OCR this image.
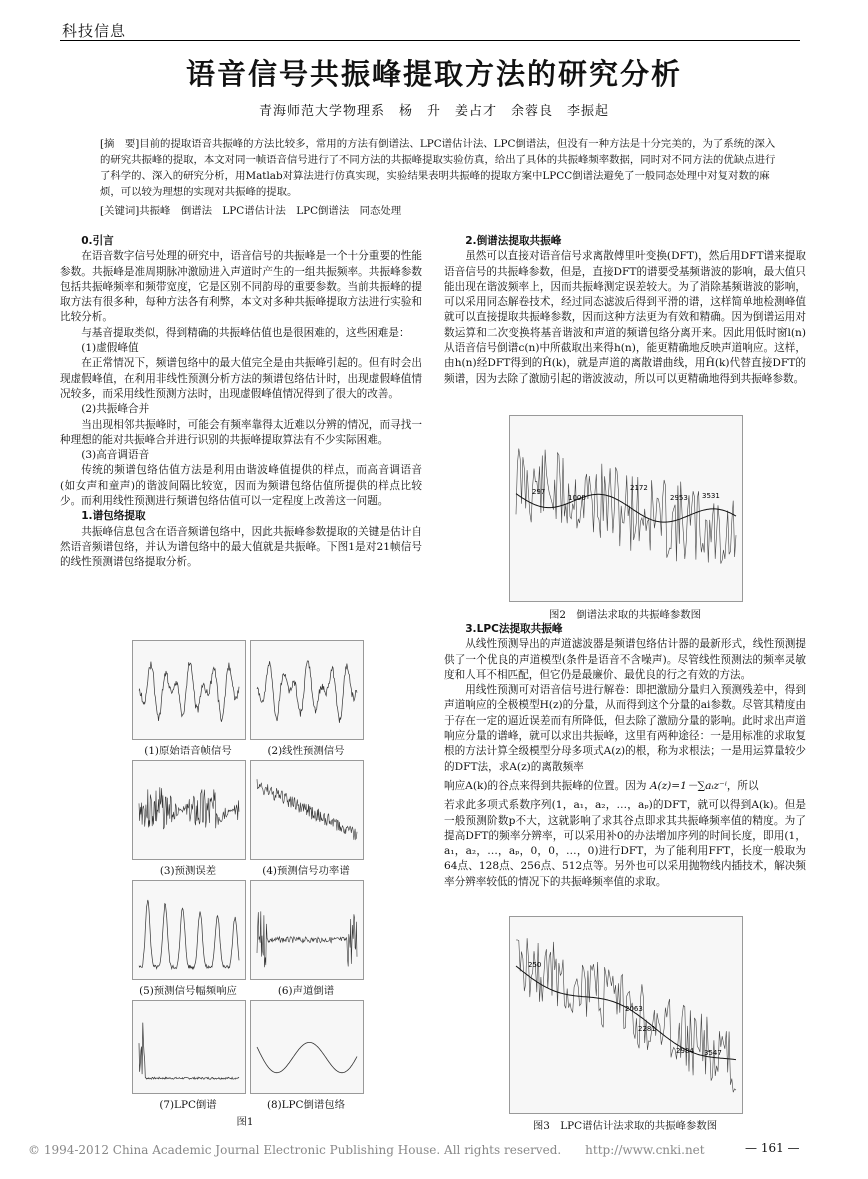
科技信息
语音信号共振峰提取方法的研究分析
青海师范大学物理系　杨　升　姜占才　余蓉良　李振起
[摘　要]目前的提取语音共振峰的方法比较多，常用的方法有倒谱法、LPC谱估计法、LPC倒谱法，但没有一种方法是十分完美的，为了系统的深入的研究共振峰的提取，本文对同一帧语音信号进行了不同方法的共振峰提取实验仿真，给出了具体的共振峰频率数据，同时对不同方法的优缺点进行了科学的、深入的研究分析，用Matlab对算法进行仿真实现，实验结果表明共振峰的提取方案中LPCC倒谱法避免了一般同态处理中对复对数的麻烦，可以较为理想的实现对共振峰的提取。
[关键词]共振峰　倒谱法　LPC谱估计法　LPC倒谱法　同态处理

0.引言

在语音数字信号处理的研究中，语音信号的共振峰是一个十分重要的性能参数。共振峰是准周期脉冲激励进入声道时产生的一组共振频率。共振峰参数包括共振峰频率和频带宽度，它是区别不同韵母的重要参数。当前共振峰的提取方法有很多种，每种方法各有利弊，本文对多种共振峰提取方法进行实验和比较分析。

与基音提取类似，得到精确的共振峰估值也是很困难的，这些困难是：

(1)虚假峰值

在正常情况下，频谱包络中的最大值完全是由共振峰引起的。但有时会出现虚假峰值，在利用非线性预测分析方法的频谱包络估计时，出现虚假峰值情况较多，而采用线性预测方法时，出现虚假峰值情况得到了很大的改善。

(2)共振峰合并

当出现相邻共振峰时，可能会有频率靠得太近难以分辨的情况，而寻找一种理想的能对共振峰合并进行识别的共振峰提取算法有不少实际困难。

(3)高音调语音

传统的频谱包络估值方法是利用由谐波峰值提供的样点，而高音调语音(如女声和童声)的谐波间隔比较宽，因而为频谱包络估值所提供的样点比较少。而利用线性预测进行频谱包络估值可以一定程度上改善这一问题。

1.谱包络提取

共振峰信息包含在语音频谱包络中，因此共振峰参数提取的关键是估计自然语音频谱包络，并认为谱包络中的最大值就是共振峰。下图1是对21帧信号的线性预测谱包络提取分析。

(1)原始语音帧信号	(2)线性预测信号
(3)预测误差	(4)预测信号功率谱
(5)预测信号幅频响应	(6)声道倒谱
(7)LPC倒谱	(8)LPC倒谱包络
图1

2.倒谱法提取共振峰

虽然可以直接对语音信号求离散傅里叶变换(DFT)，然后用DFT谱来提取语音信号的共振峰参数，但是，直接DFT的谱要受基频谐波的影响，最大值只能出现在谐波频率上，因而共振峰测定误差较大。为了消除基频谐波的影响，可以采用同态解卷技术，经过同态滤波后得到平滑的谱，这样简单地检测峰值就可以直接提取共振峰参数，因而这种方法更为有效和精确。因为倒谱运用对数运算和二次变换将基音谐波和声道的频谱包络分离开来。因此用低时窗l(n)从语音信号倒谱c(n)中所截取出来得h(n)，能更精确地反映声道响应。这样，由h(n)经DFT得到的Ĥ(k)，就是声道的离散谱曲线，用Ĥ(k)代替直接DFT的频谱，因为去除了激励引起的谐波波动，所以可以更精确地得到共振峰参数。

297
1000
2172
2953 3531
图2　倒谱法求取的共振峰参数图

3.LPC法提取共振峰

从线性预测导出的声道滤波器是频谱包络估计器的最新形式，线性预测提供了一个优良的声道模型(条件是语音不含噪声)。尽管线性预测法的频率灵敏度和人耳不相匹配，但它仍是最廉价、最优良的行之有效的方法。

用线性预测可对语音信号进行解卷：即把激励分量归入预测残差中，得到声道响应的全极模型H(z)的分量，从而得到这个分量的ai参数。尽管其精度由于存在一定的逼近误差而有所降低，但去除了激励分量的影响。此时求出声道响应分量的谱峰，就可以求出共振峰，这里有两种途径：一是用标准的求取复根的方法计算全级模型分母多项式A(z)的根，称为求根法；一是用运算量较少的DFT法，求A(z)的离散频率

响应A(k)的谷点来得到共振峰的位置。因为 A(z)=1－∑aᵢz⁻ⁱ，所以

若求此多项式系数序列(1，a₁，a₂，…，aₚ)的DFT，就可以得到A(k)。但是一般预测阶数p不大，这就影响了求其谷点即求其共振峰频率值的精度。为了提高DFT的频率分辨率，可以采用补0的办法增加序列的时间长度，即用(1，a₁，a₂，…，aₚ，0，0，…，0)进行DFT，为了能利用FFT，长度一般取为64点、128点、256点、512点等。另外也可以采用抛物线内插技术，解决频率分辨率较低的情况下的共振峰频率值的求取。

250
2063
2281
2984 3547
图3　LPC谱估计法求取的共振峰参数图
© 1994-2012 China Academic Journal Electronic Publishing House. All rights reserved.　　http://www.cnki.net	— 161 —
